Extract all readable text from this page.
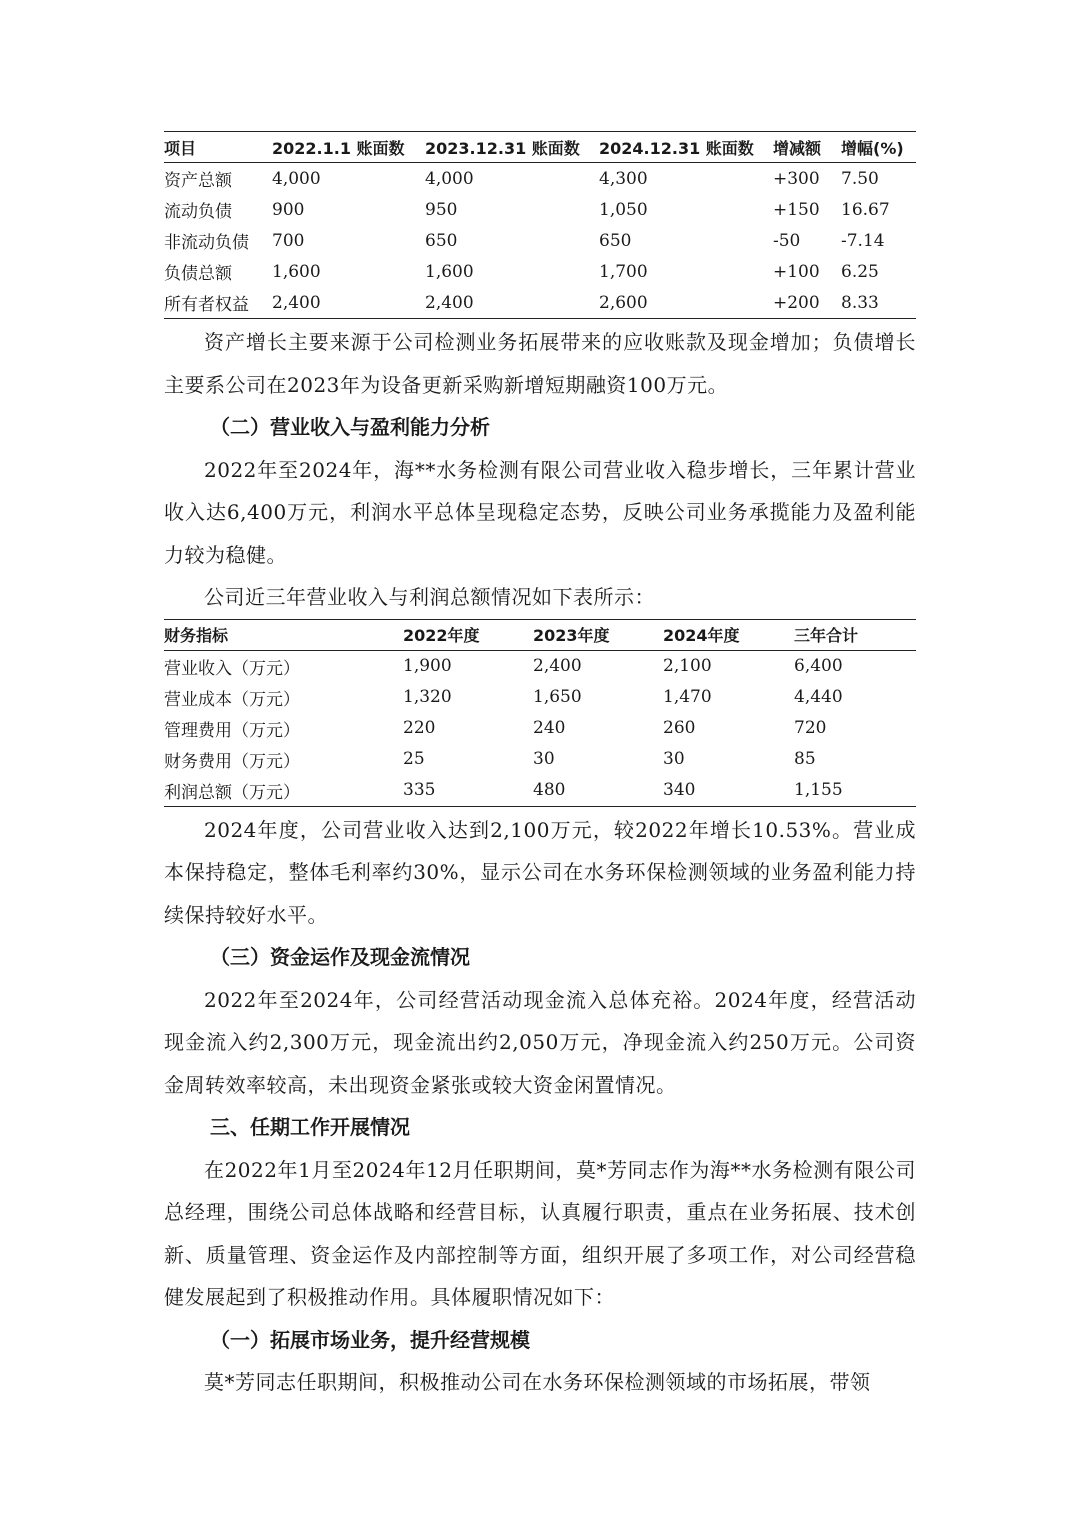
项目	2022.1.1 账面数	2023.12.31 账面数	2024.12.31 账面数	增减额	增幅(%)
资产总额	4,000	4,000	4,300	+300	7.50
流动负债	900	950	1,050	+150	16.67
非流动负债	700	650	650	-50	-7.14
负债总额	1,600	1,600	1,700	+100	6.25
所有者权益	2,400	2,400	2,600	+200	8.33

资产增长主要来源于公司检测业务拓展带来的应收账款及现金增加；负债增长主要系公司在2023年为设备更新采购新增短期融资100万元。

（二）营业收入与盈利能力分析

2022年至2024年，海**水务检测有限公司营业收入稳步增长，三年累计营业收入达6,400万元，利润水平总体呈现稳定态势，反映公司业务承揽能力及盈利能力较为稳健。

公司近三年营业收入与利润总额情况如下表所示：

财务指标	2022年度	2023年度	2024年度	三年合计
营业收入（万元）	1,900	2,400	2,100	6,400
营业成本（万元）	1,320	1,650	1,470	4,440
管理费用（万元）	220	240	260	720
财务费用（万元）	25	30	30	85
利润总额（万元）	335	480	340	1,155

2024年度，公司营业收入达到2,100万元，较2022年增长10.53%。营业成本保持稳定，整体毛利率约30%，显示公司在水务环保检测领域的业务盈利能力持续保持较好水平。

（三）资金运作及现金流情况

2022年至2024年，公司经营活动现金流入总体充裕。2024年度，经营活动现金流入约2,300万元，现金流出约2,050万元，净现金流入约250万元。公司资金周转效率较高，未出现资金紧张或较大资金闲置情况。

三、任期工作开展情况

在2022年1月至2024年12月任职期间，莫*芳同志作为海**水务检测有限公司总经理，围绕公司总体战略和经营目标，认真履行职责，重点在业务拓展、技术创新、质量管理、资金运作及内部控制等方面，组织开展了多项工作，对公司经营稳健发展起到了积极推动作用。具体履职情况如下：

（一）拓展市场业务，提升经营规模

莫*芳同志任职期间，积极推动公司在水务环保检测领域的市场拓展，带领
